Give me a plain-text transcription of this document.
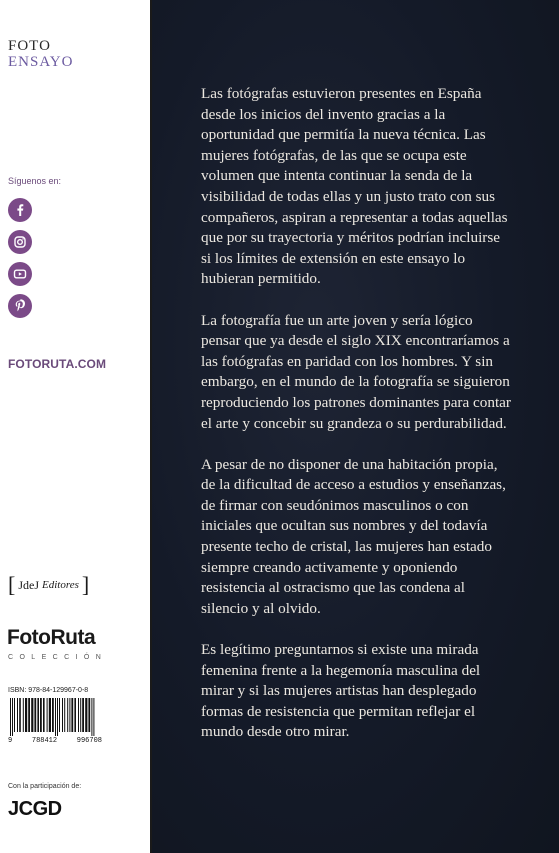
FOTO
ENSAYO
Síguenos en:
FOTORUTA.COM
[ JdeJ Editores ]
FotoRuta
COLECCIÓN
ISBN: 978-84-129967-0-8
9	788412	996708
Con la participación de:
JCGD

Las fotógrafas estuvieron presentes en España desde los inicios del invento gracias a la oportunidad que permitía la nueva técnica. Las mujeres fotógrafas, de las que se ocupa este volumen que intenta continuar la senda de la visibilidad de todas ellas y un justo trato con sus compañeros, aspiran a representar a todas aquellas que por su trayectoria y méritos podrían incluirse si los límites de extensión en este ensayo lo hubieran permitido.

La fotografía fue un arte joven y sería lógico pensar que ya desde el siglo XIX encontraríamos a las fotógrafas en paridad con los hombres. Y sin embargo, en el mundo de la fotografía se siguieron reproduciendo los patrones dominantes para contar el arte y concebir su grandeza o su perdurabilidad.

A pesar de no disponer de una habitación propia, de la dificultad de acceso a estudios y enseñanzas, de firmar con seudónimos masculinos o con iniciales que ocultan sus nombres y del todavía presente techo de cristal, las mujeres han estado siempre creando activamente y oponiendo resistencia al ostracismo que las condena al silencio y al olvido.

Es legítimo preguntarnos si existe una mirada femenina frente a la hegemonía masculina del mirar y si las mujeres artistas han desplegado formas de resistencia que permitan reflejar el mundo desde otro mirar.
